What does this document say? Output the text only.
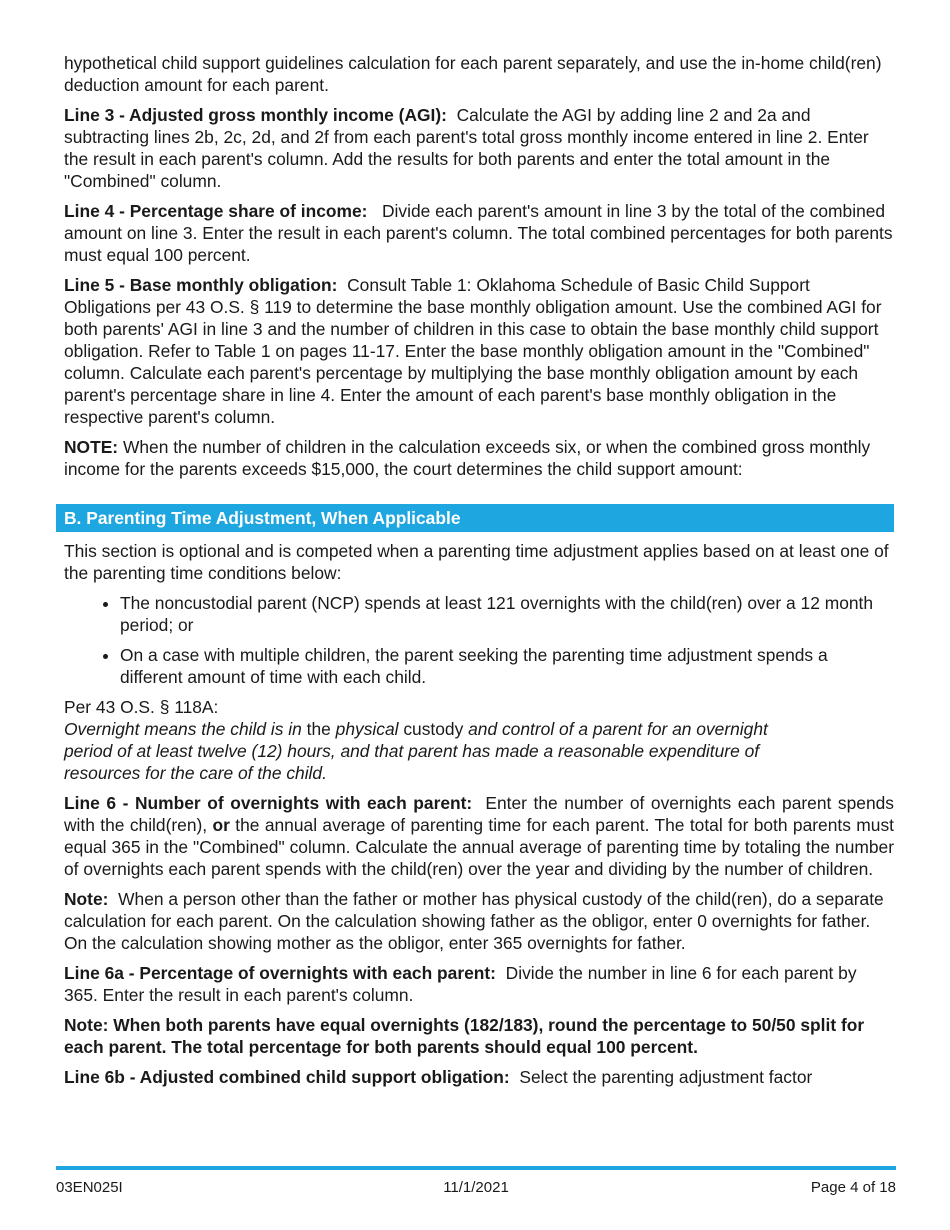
hypothetical child support guidelines calculation for each parent separately, and use the in-home child(ren) deduction amount for each parent.

Line 3 - Adjusted gross monthly income (AGI): Calculate the AGI by adding line 2 and 2a and subtracting lines 2b, 2c, 2d, and 2f from each parent's total gross monthly income entered in line 2. Enter the result in each parent's column. Add the results for both parents and enter the total amount in the "Combined" column.

Line 4 - Percentage share of income: Divide each parent's amount in line 3 by the total of the combined amount on line 3. Enter the result in each parent's column. The total combined percentages for both parents must equal 100 percent.

Line 5 - Base monthly obligation: Consult Table 1: Oklahoma Schedule of Basic Child Support Obligations per 43 O.S. § 119 to determine the base monthly obligation amount. Use the combined AGI for both parents' AGI in line 3 and the number of children in this case to obtain the base monthly child support obligation. Refer to Table 1 on pages 11-17. Enter the base monthly obligation amount in the "Combined" column. Calculate each parent's percentage by multiplying the base monthly obligation amount by each parent's percentage share in line 4. Enter the amount of each parent's base monthly obligation in the respective parent's column.

NOTE: When the number of children in the calculation exceeds six, or when the combined gross monthly income for the parents exceeds $15,000, the court determines the child support amount:

B. Parenting Time Adjustment, When Applicable

This section is optional and is competed when a parenting time adjustment applies based on at least one of the parenting time conditions below:

• The noncustodial parent (NCP) spends at least 121 overnights with the child(ren) over a 12 month period; or
• On a case with multiple children, the parent seeking the parenting time adjustment spends a different amount of time with each child.

Per 43 O.S. § 118A:

Overnight means the child is in the physical custody and control of a parent for an overnight period of at least twelve (12) hours, and that parent has made a reasonable expenditure of resources for the care of the child.

Line 6 - Number of overnights with each parent: Enter the number of overnights each parent spends with the child(ren), or the annual average of parenting time for each parent. The total for both parents must equal 365 in the "Combined" column. Calculate the annual average of parenting time by totaling the number of overnights each parent spends with the child(ren) over the year and dividing by the number of children.

Note: When a person other than the father or mother has physical custody of the child(ren), do a separate calculation for each parent. On the calculation showing father as the obligor, enter 0 overnights for father. On the calculation showing mother as the obligor, enter 365 overnights for father.

Line 6a - Percentage of overnights with each parent: Divide the number in line 6 for each parent by 365. Enter the result in each parent's column.

Note: When both parents have equal overnights (182/183), round the percentage to 50/50 split for each parent. The total percentage for both parents should equal 100 percent.

Line 6b - Adjusted combined child support obligation: Select the parenting adjustment factor

11/1/2021
03EN025I	Page 4 of 18
